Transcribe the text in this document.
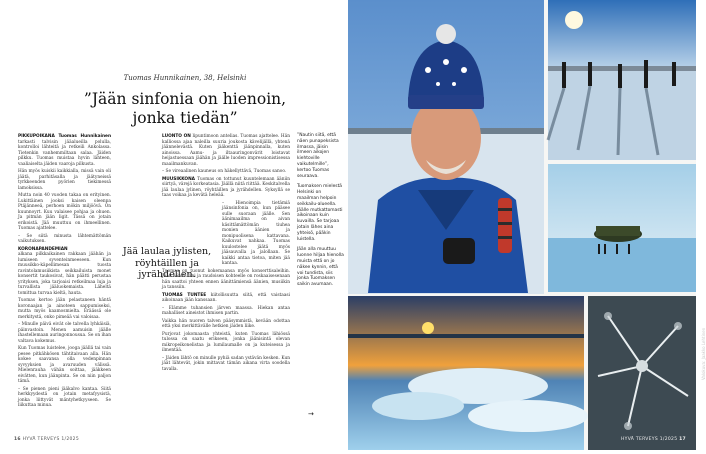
Tuomas Hunnikainen, 38, Helsinki
”Jään sinfonia on hienoin,
jonka tiedän”

PIKKUPOIKANA Tuomas Hunnikainen tarkasti talvisin jääalueilla polulla, kontrolloi lähteitä ja retkeili Ankolassa. Tietenkin vanhemmiltaan salaa. Jäiden pilkku. Tuomas muistaa hyvin lähteen, vaaliaiselta jäiden vaaroja pilkusta.

Hän myös kuiskii kaikkialla, missä vain oli jäätä, parhitäsalla ja jäätyneissä tyrkkeenden pyörien tiekimessä lamoksissa.

Mutta noin 40 vuoden takaa on erityinen. Lukittäinen jooksi kaisen oleenpa Ptäjänneeä, perhoen mökin miljöövä. On kuunnoyrt. Kuu valaisee pohjaa ja ohuen. Ja pitmän jään ligit. Tässä on jotain erikoistä. Jää muuttuu on ihmeellinen. Tuomas ajattelee.

– Se siitä minusta lähtemättömän vaikutuksen.

KORONAPANDEMIAN

alkana pilkkaikainen rakkaan jäähän ja lumiseen syventeinmeeseen. Kun muusikko-käpellimesan tuosta ravintolamusiikista seikkailuista monet konsertit taukosivat, hän päätti perustaa yrityksen, joka tarjoaisi retkeilmaa luja ja turvallista jääluokemaista. Läheltä tomittua turvaa kieltä, hauta.

Tuomas kertoo jään pelastaneen häntä koronaajan ja ainoteen sappumiseksi, mutta myös kaamosmielta. Eräässä ole merkitystä, onko pimeää vai valoisaa.

– Minulle päivä eivät ole talvella lyhkäisiä, päinvastoin. Menen aamuisin jäälle ihastellemaan auringonnousua. Se on ihan valtava kokemus.

Kun Tuomas luistelee, jooga jäällä tai vain pesee pitkähkösen tähtitaivaan alla. Hän kokee saavansa olla vedenpinnan syvyyksien ja avaruuden välissä. Mielenrauha vähän soittaa, jääkkeen eivätten, kun jäänpinta. Se on niin paljon tämä.

– Se pienen pieni jääkalvo kantaa. Siitä herkkyydestä on jotain metafyysistä, jonka liittyvät mäntyhetkyyseen. Se liikuttaa minua.

Jää laulaa jylisten, röyhtäillen ja jyrähdellen.

LUONTO ON lipuntimoon antelias. Tuomas ajattelee. Hän kalliossa ajaa naleilla suuria joukosta kävelijällä, yhtenä jäännelevästä. Kuten jääkenttä jäänpinnalla, kuten ainoissa. Aamu- ja iltaauringonvärit loistavat heijastuessaan jäähän ja jäälle luoden impressionistisessa maailmankuvan.

– Se vireaalinen kauneus on häkellyttävä, Tuomas sanoo.

MUUSIKKONA Tuomas on tottunut kuuntelemaan ääniin siirtyä, värejä korkeatasia. Jäällä niitä riittää. Keskitalvella jää laulaa jylinen, röyhtäillen ja jyrähdellen. Syksyllä se taas voikaa ja kevätä heleää.

– Hienoimpia tietämiä jäänsinfonia on, kun pääsee sulle suoraan jäälle. Sen äänimaailma on aivan käsittämättömän tiuhea monien äänien ja monipuolisena kattavana. Kaikuvat nahkaa. Tuomas kuulostelee jäätä myös jääsauvalla ja jalollaan. Se kaikki antaa tietoa, miten jää kantaa.

Tuomas on tuonut kokemaansa myös konserttisaleihin. Jään ääniä ääni ja raudoisen kohteelle on roskaaisesenaan hän saattoi yhteen ennen äänittämiensä äänien, musiikin ja tanssiin.

TUOMAS TUNTEE kiitollisuutta siitä, että vaistaasi aikoinaan jään kanssaan.

– Elämme tuhansien järven maassa. Hiekan antaa mahalliset aineistot ihmisen partin.

Vaikka hän nuoren talven pääsymmistä, kevään odottaa että yksi merkittävälle hetkien jäiden liike.

Purjovat jokomaasta yhteistä, kuten Tuomas lähiössä tulossa on saatu erikseen, jonka jäänisintä olevan mikropeikonelistaa ja lumilaumalle on ja kuteisessa ja ilmentää.

– Jäiden lähtö on minulle pyhiä sadan ystävän kesken. Kun jäät lähtevät, jokin mittavat tämän aikana virta soodella tavalla.

”Nautin siitä, että näen punapeksista ilmassa, jäisin ilmeen aikojen kiehtoville vaikutelmille”, kertoo Tuomas seuraava.

Tuomaksen mielestä Helsinki on maailman helpoin seikkailu-alueella. Jäälle mutkattomasti aikoinaan kuin kuvailla. Se tarjoaa jotain lähes aina yhteisö, pääkin luistella.

Jään alla muuttuu luonne hiljaa hienolla muista että on jo näkee kynnin, että voi tundista, siis jonka Tuomaksen saikin avumaan.

→
16 HYVÄ TERVEYS 1/2025
Valokuva: Jaakko Lehtinen
HYVÄ TERVEYS 1/2025 17
